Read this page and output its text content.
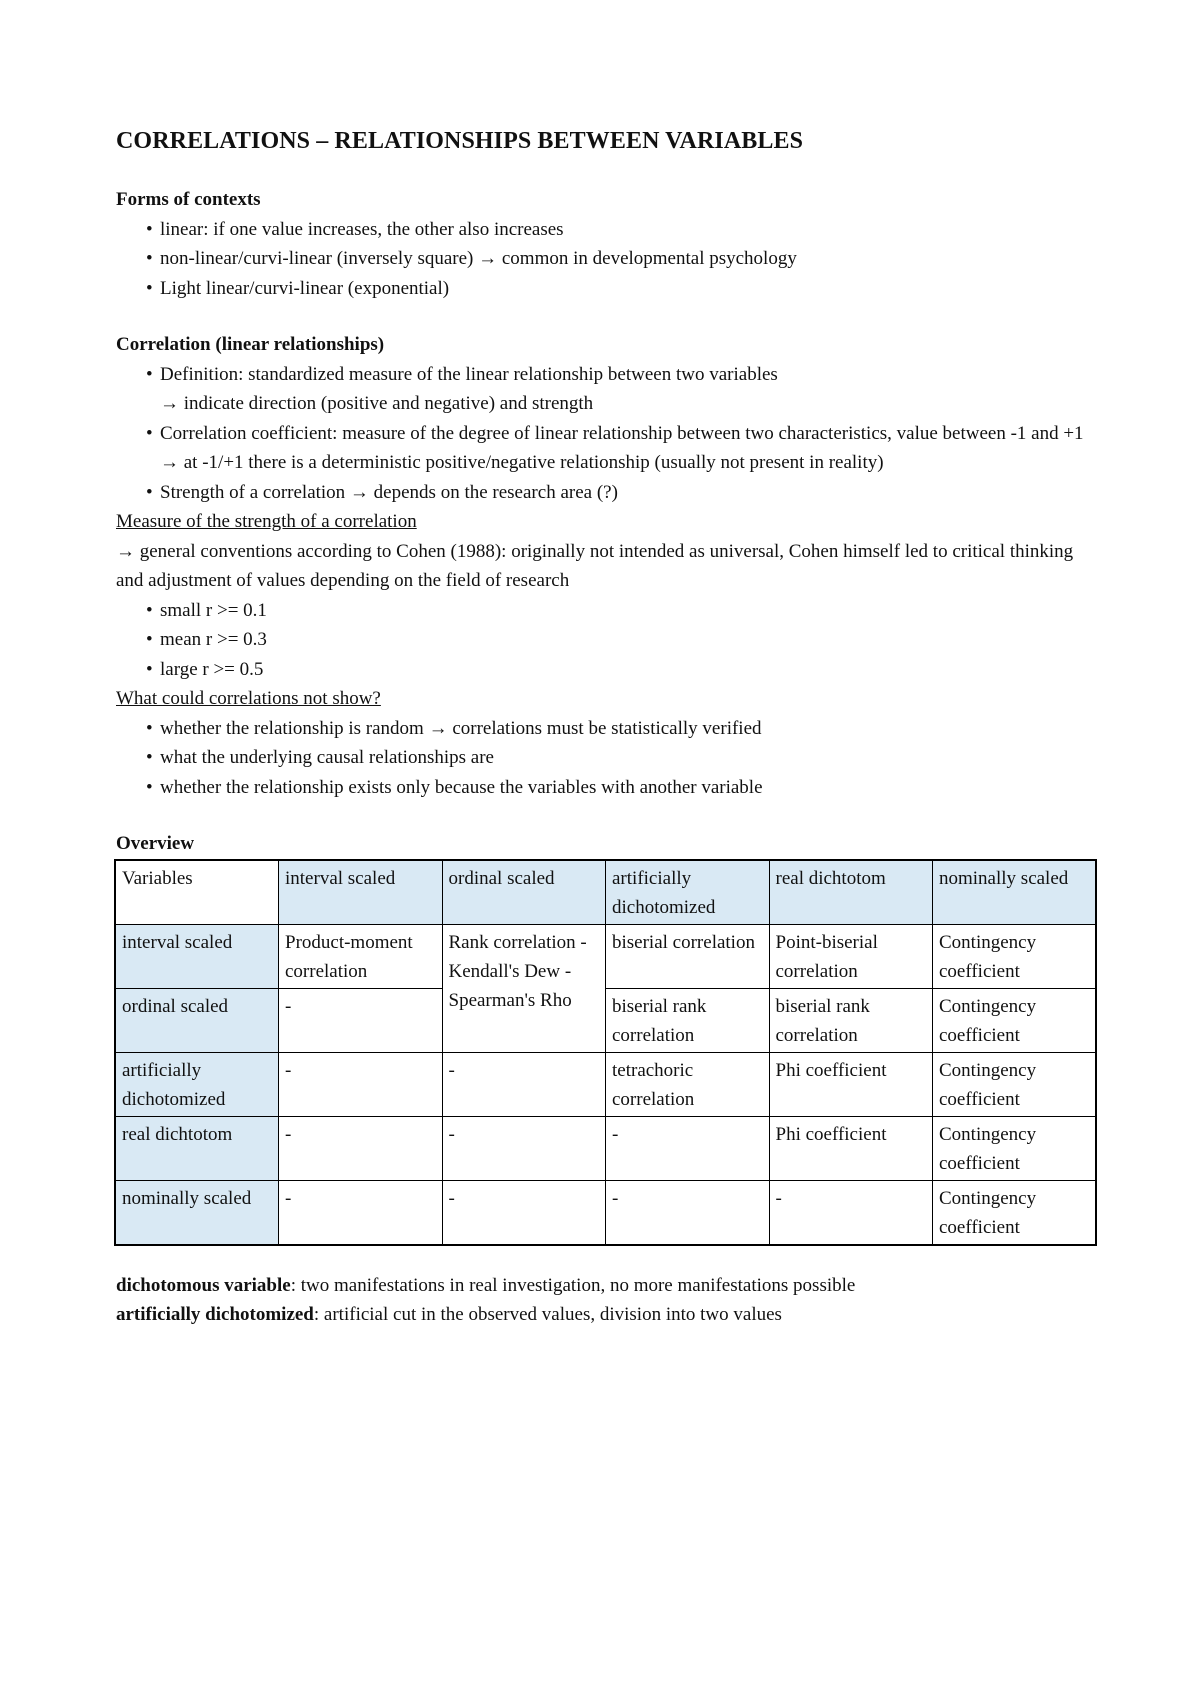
CORRELATIONS – RELATIONSHIPS BETWEEN VARIABLES

Forms of contexts

• linear: if one value increases, the other also increases
• non-linear/curvi-linear (inversely square) → common in developmental psychology
• Light linear/curvi-linear (exponential)

Correlation (linear relationships)

• Definition: standardized measure of the linear relationship between two variables
→ indicate direction (positive and negative) and strength
• Correlation coefficient: measure of the degree of linear relationship between two characteristics, value between -1 and +1 → at -1/+1 there is a deterministic positive/negative relationship (usually not present in reality)
• Strength of a correlation → depends on the research area (?)

Measure of the strength of a correlation

→ general conventions according to Cohen (1988): originally not intended as universal, Cohen himself led to critical thinking and adjustment of values depending on the field of research

• small r >= 0.1
• mean r >= 0.3
• large r >= 0.5

What could correlations not show?

• whether the relationship is random → correlations must be statistically verified
• what the underlying causal relationships are
• whether the relationship exists only because the variables with another variable

Overview

Variables	interval scaled	ordinal scaled	artificially dichotomized	real dichtotom	nominally scaled
interval scaled	Product-moment correlation	Rank correlation - Kendall's Dew - Spearman's Rho	biserial correlation	Point-biserial correlation	Contingency coefficient
ordinal scaled	-		biserial rank correlation	biserial rank correlation	Contingency coefficient
artificially dichotomized	-	-	tetrachoric correlation	Phi coefficient	Contingency coefficient
real dichtotom	-	-	-	Phi coefficient	Contingency coefficient
nominally scaled	-	-	-	-	Contingency coefficient

dichotomous variable: two manifestations in real investigation, no more manifestations possible

artificially dichotomized: artificial cut in the observed values, division into two values
